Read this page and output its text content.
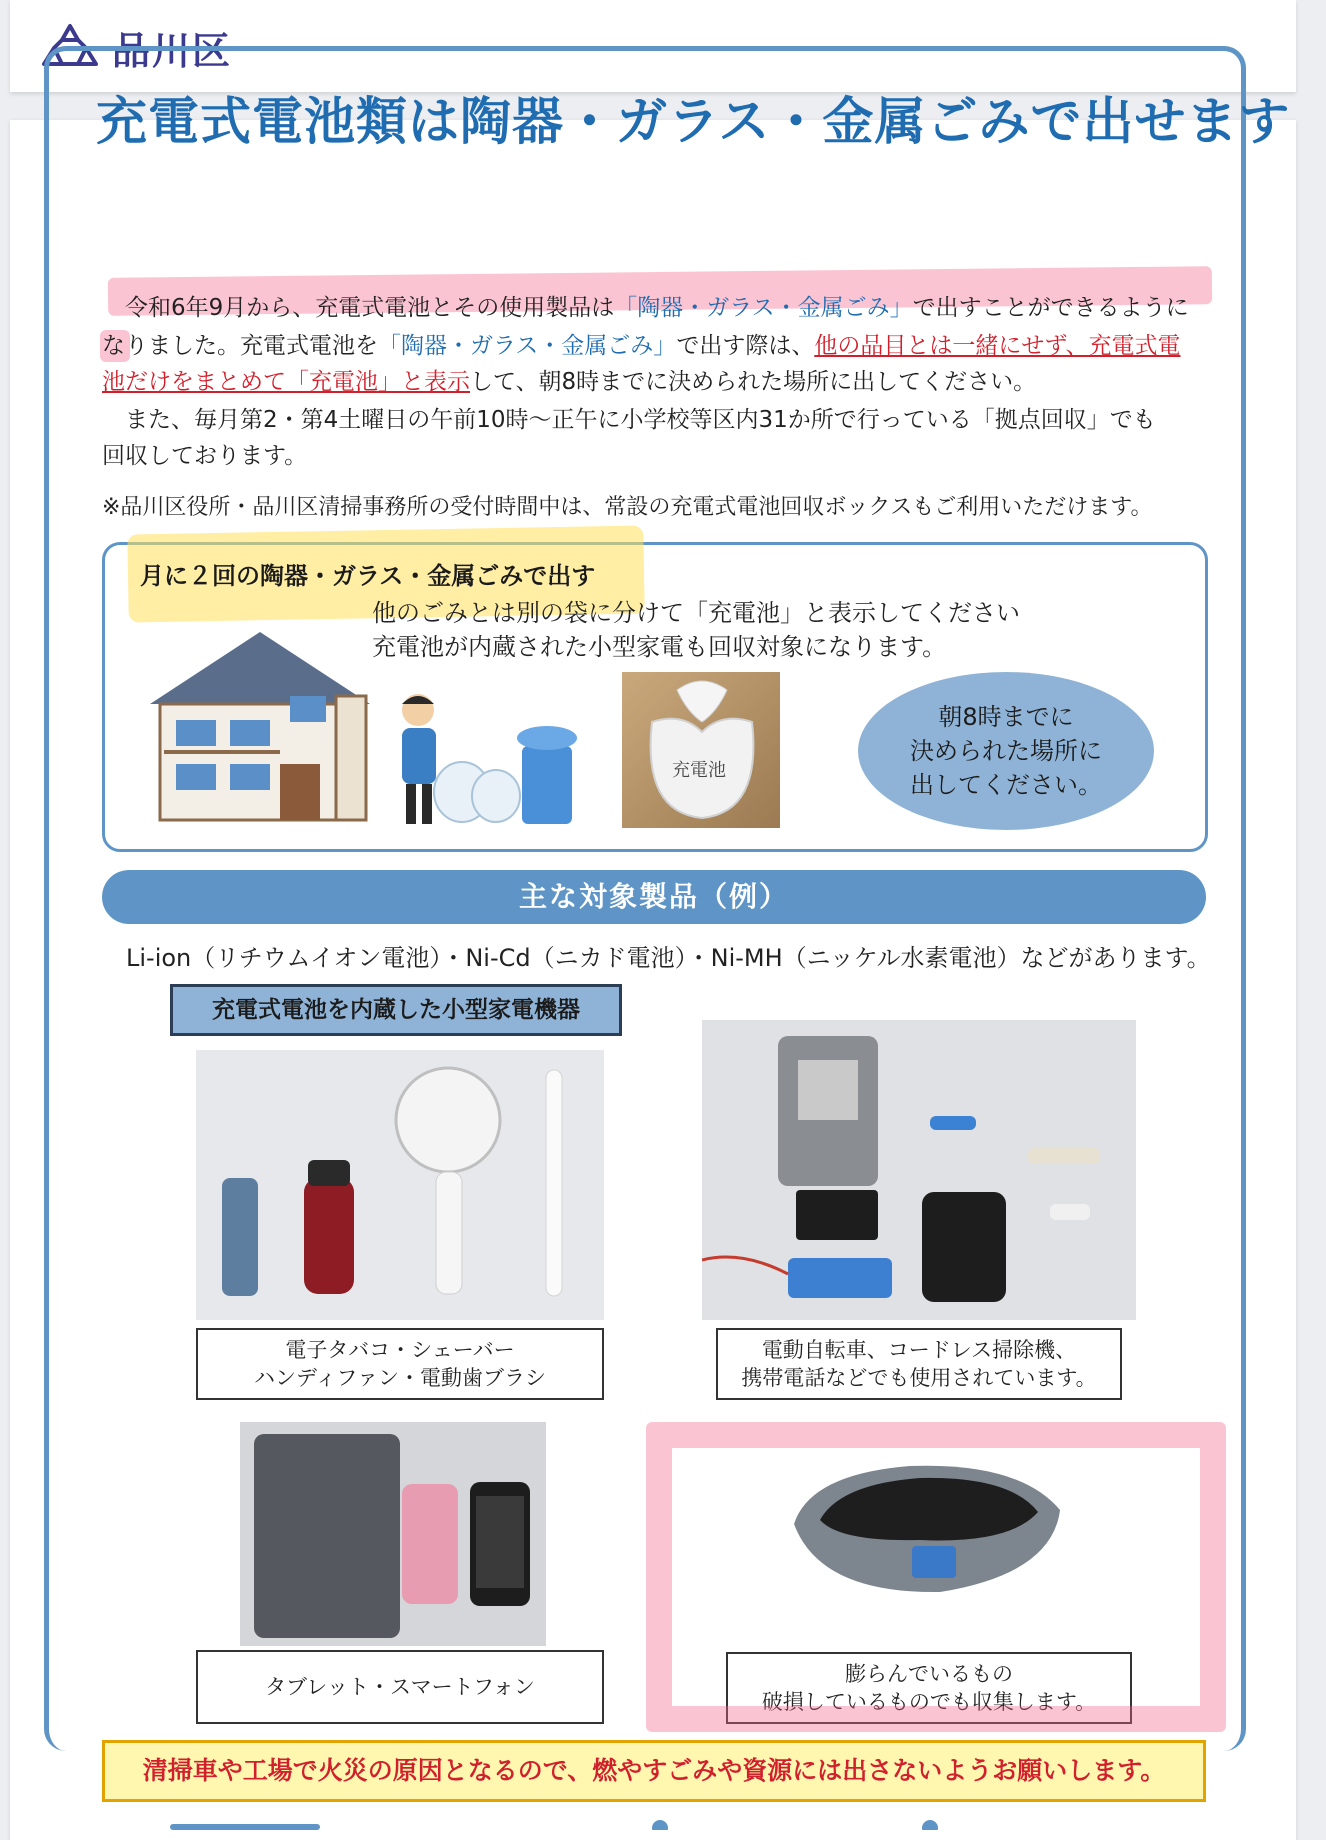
品川区
充電式電池類は陶器・ガラス・金属ごみで出せます
　令和6年9月から、充電式電池とその使用製品は「陶器・ガラス・金属ごみ」で出すことができるように
なりました。充電式電池を「陶器・ガラス・金属ごみ」で出す際は、他の品目とは一緒にせず、充電式電
池だけをまとめて「充電池」と表示して、朝8時までに決められた場所に出してください。
　また、毎月第2・第4土曜日の午前10時～正午に小学校等区内31か所で行っている「拠点回収」でも
回収しております。
※品川区役所・品川区清掃事務所の受付時間中は、常設の充電式電池回収ボックスもご利用いただけます。
月に２回の陶器・ガラス・金属ごみで出す
他のごみとは別の袋に分けて「充電池」と表示してください
充電池が内蔵された小型家電も回収対象になります。
充電池
朝8時までに
決められた場所に
出してください。
主な対象製品（例）
Li-ion（リチウムイオン電池）・Ni-Cd（ニカド電池）・Ni-MH（ニッケル水素電池）などがあります。
充電式電池を内蔵した小型家電機器
電子タバコ・シェーバー
ハンディファン・電動歯ブラシ
電動自転車、コードレス掃除機、
携帯電話などでも使用されています。
タブレット・スマートフォン
膨らんでいるもの
破損しているものでも収集します。
清掃車や工場で火災の原因となるので、燃やすごみや資源には出さないようお願いします。
